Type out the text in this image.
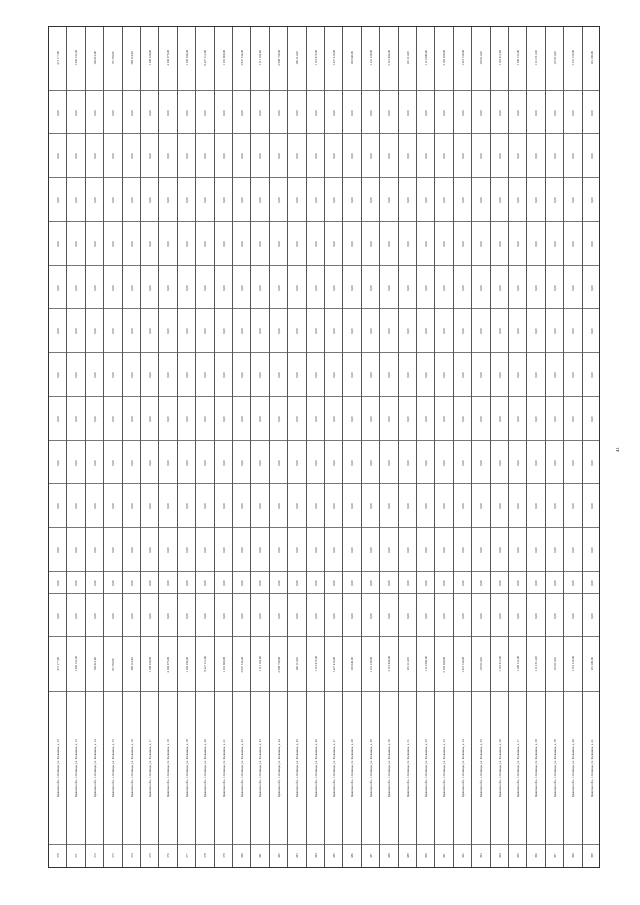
370
Брянская обл., г. Клинцы, ул. Калинина, д. 12
473 177,00
0,00
0,00
0,00
0,00
0,00
0,00
0,00
0,00
0,00
0,00
0,00
0,00
0,00
473 177,00
371
Брянская обл., г. Клинцы, ул. Калинина, д. 13
1 256 311,40
0,00
0,00
0,00
0,00
0,00
0,00
0,00
0,00
0,00
0,00
0,00
0,00
0,00
1 256 311,40
372
Брянская обл., г. Клинцы, ул. Калинина, д. 14
156 612,00
0,00
0,00
0,00
0,00
0,00
0,00
0,00
0,00
0,00
0,00
0,00
0,00
0,00
156 612,00
373
Брянская обл., г. Клинцы, ул. Калинина, д. 15
83 750,00
0,00
0,00
0,00
0,00
0,00
0,00
0,00
0,00
0,00
0,00
0,00
0,00
0,00
83 750,00
374
Брянская обл., г. Клинцы, ул. Калинина, д. 16
398 114,00
0,00
0,00
0,00
0,00
0,00
0,00
0,00
0,00
0,00
0,00
0,00
0,00
0,00
398 114,00
375
Брянская обл., г. Клинцы, ул. Калинина, д. 17
1 188 220,00
0,00
0,00
0,00
0,00
0,00
0,00
0,00
0,00
0,00
0,00
0,00
0,00
0,00
1 188 220,00
376
Брянская обл., г. Клинцы, ул. Калинина, д. 18
4 106 075,00
0,00
0,00
0,00
0,00
0,00
0,00
0,00
0,00
0,00
0,00
0,00
0,00
0,00
4 106 075,00
377
Брянская обл., г. Клинцы, ул. Калинина, д. 19
1 105 254,00
0,00
0,00
0,00
0,00
0,00
0,00
0,00
0,00
0,00
0,00
0,00
0,00
0,00
1 105 254,00
378
Брянская обл., г. Клинцы, ул. Калинина, д. 20
8 227 111,00
0,00
0,00
0,00
0,00
0,00
0,00
0,00
0,00
0,00
0,00
0,00
0,00
0,00
8 227 111,00
379
Брянская обл., г. Клинцы, ул. Калинина, д. 21
1 101 060,00
0,00
0,00
0,00
0,00
0,00
0,00
0,00
0,00
0,00
0,00
0,00
0,00
0,00
1 101 060,00
380
Брянская обл., г. Клинцы, ул. Калинина, д. 22
3 047 514,00
0,00
0,00
0,00
0,00
0,00
0,00
0,00
0,00
0,00
0,00
0,00
0,00
0,00
3 047 514,00
381
Брянская обл., г. Клинцы, ул. Калинина, д. 23
1 111 162,00
0,00
0,00
0,00
0,00
0,00
0,00
0,00
0,00
0,00
0,00
0,00
0,00
0,00
1 111 162,00
382
Брянская обл., г. Клинцы, ул. Калинина, д. 24
2 508 750,00
0,00
0,00
0,00
0,00
0,00
0,00
0,00
0,00
0,00
0,00
0,00
0,00
0,00
2 508 750,00
383
Брянская обл., г. Клинцы, ул. Калинина, д. 25
160 111,00
0,00
0,00
0,00
0,00
0,00
0,00
0,00
0,00
0,00
0,00
0,00
0,00
0,00
160 111,00
384
Брянская обл., г. Клинцы, ул. Калинина, д. 26
1 115 075,00
0,00
0,00
0,00
0,00
0,00
0,00
0,00
0,00
0,00
0,00
0,00
0,00
0,00
1 115 075,00
385
Брянская обл., г. Клинцы, ул. Калинина, д. 27
1 227 415,00
0,00
0,00
0,00
0,00
0,00
0,00
0,00
0,00
0,00
0,00
0,00
0,00
0,00
1 227 415,00
386
Брянская обл., г. Клинцы, ул. Калинина, д. 28
103 040,00
0,00
0,00
0,00
0,00
0,00
0,00
0,00
0,00
0,00
0,00
0,00
0,00
0,00
103 040,00
387
Брянская обл., г. Клинцы, ул. Калинина, д. 29
1 151 230,00
0,00
0,00
0,00
0,00
0,00
0,00
0,00
0,00
0,00
0,00
0,00
0,00
0,00
1 151 230,00
388
Брянская обл., г. Клинцы, ул. Калинина, д. 30
3 115 604,00
0,00
0,00
0,00
0,00
0,00
0,00
0,00
0,00
0,00
0,00
0,00
0,00
0,00
3 115 604,00
389
Брянская обл., г. Клинцы, ул. Калинина, д. 31
101 111,00
0,00
0,00
0,00
0,00
0,00
0,00
0,00
0,00
0,00
0,00
0,00
0,00
0,00
101 111,00
390
Брянская обл., г. Клинцы, ул. Калинина, д. 32
1 111 000,00
0,00
0,00
0,00
0,00
0,00
0,00
0,00
0,00
0,00
0,00
0,00
0,00
0,00
1 111 000,00
391
Брянская обл., г. Клинцы, ул. Калинина, д. 33
2 102 020,00
0,00
0,00
0,00
0,00
0,00
0,00
0,00
0,00
0,00
0,00
0,00
0,00
0,00
2 102 020,00
392
Брянская обл., г. Клинцы, ул. Калинина, д. 34
1 215 310,00
0,00
0,00
0,00
0,00
0,00
0,00
0,00
0,00
0,00
0,00
0,00
0,00
0,00
1 215 310,00
393
Брянская обл., г. Клинцы, ул. Калинина, д. 35
110 011,00
0,00
0,00
0,00
0,00
0,00
0,00
0,00
0,00
0,00
0,00
0,00
0,00
0,00
110 011,00
394
Брянская обл., г. Клинцы, ул. Калинина, д. 36
1 110 611,00
0,00
0,00
0,00
0,00
0,00
0,00
0,00
0,00
0,00
0,00
0,00
0,00
0,00
1 110 611,00
395
Брянская обл., г. Клинцы, ул. Калинина, д. 37
1 100 311,00
0,00
0,00
0,00
0,00
0,00
0,00
0,00
0,00
0,00
0,00
0,00
0,00
0,00
1 100 311,00
396
Брянская обл., г. Клинцы, ул. Калинина, д. 38
1 111 511,00
0,00
0,00
0,00
0,00
0,00
0,00
0,00
0,00
0,00
0,00
0,00
0,00
0,00
1 111 511,00
397
Брянская обл., г. Клинцы, ул. Калинина, д. 39
115 011,00
0,00
0,00
0,00
0,00
0,00
0,00
0,00
0,00
0,00
0,00
0,00
0,00
0,00
115 011,00
398
Брянская обл., г. Клинцы, ул. Калинина, д. 40
1 151 110,00
0,00
0,00
0,00
0,00
0,00
0,00
0,00
0,00
0,00
0,00
0,00
0,00
0,00
1 151 110,00
399
Брянская обл., г. Клинцы, ул. Калинина, д. 41
101 100,00
0,00
0,00
0,00
0,00
0,00
0,00
0,00
0,00
0,00
0,00
0,00
0,00
0,00
101 100,00
41
